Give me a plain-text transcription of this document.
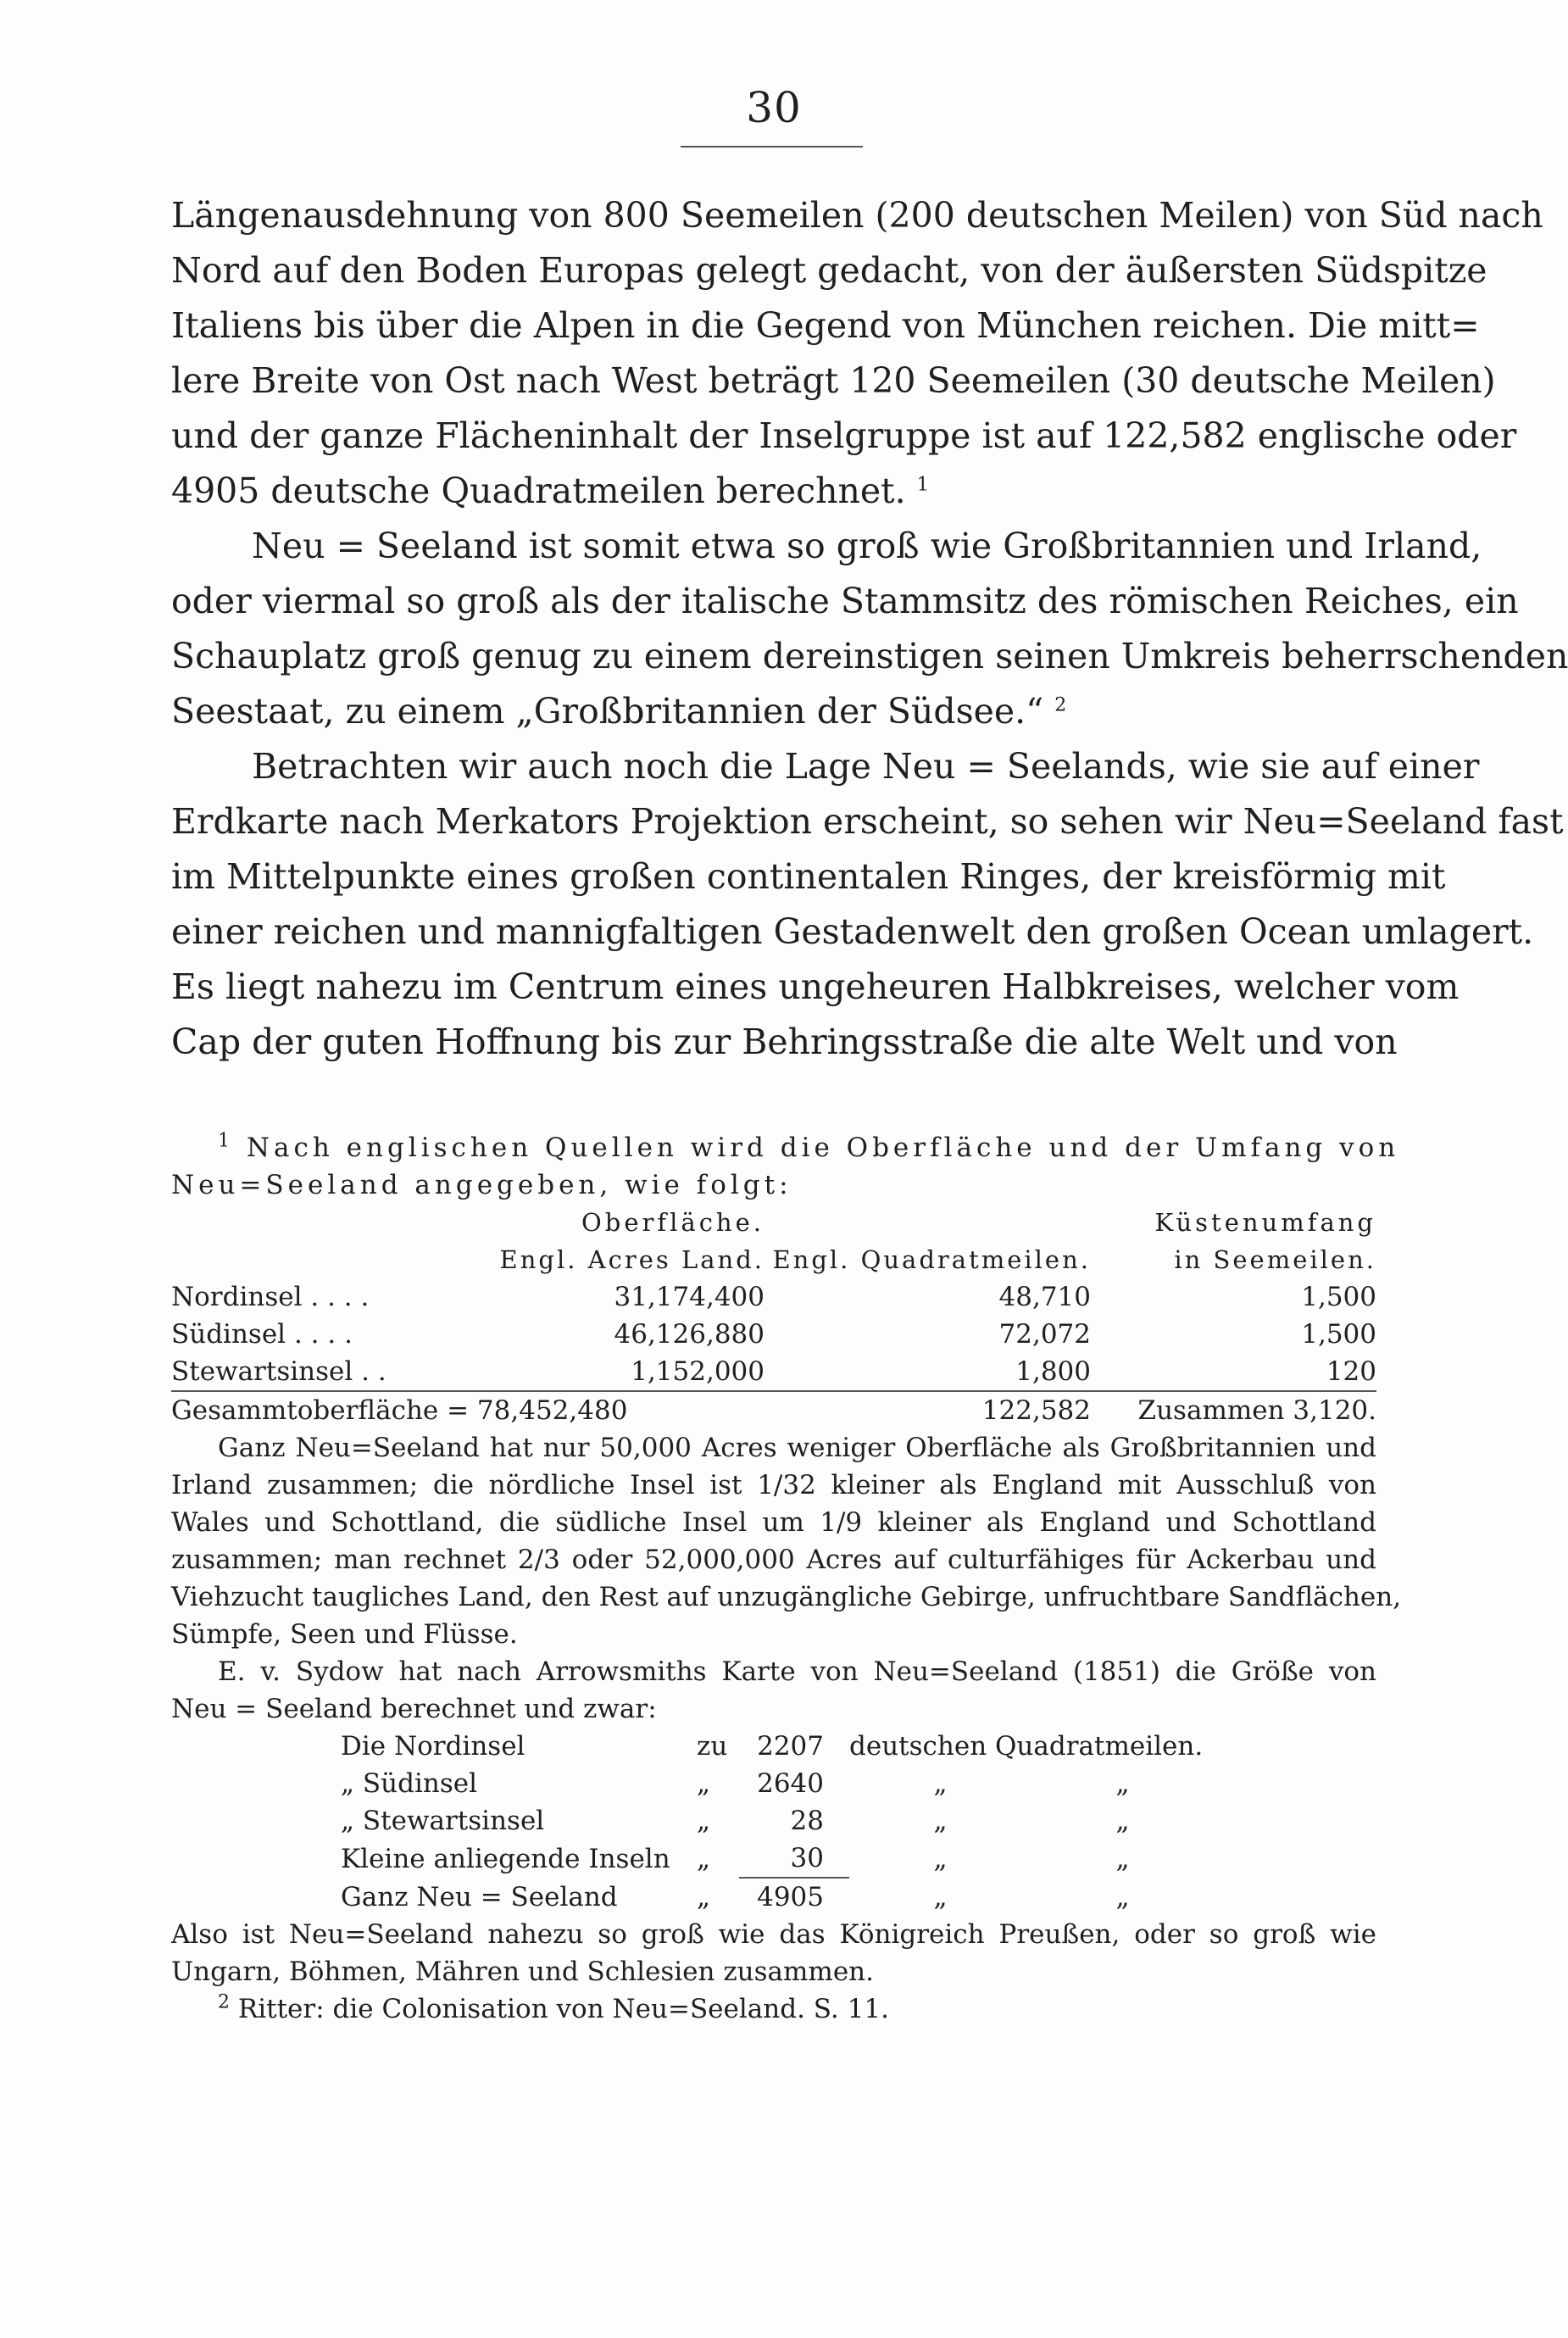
30
Längenausdehnung von 800 Seemeilen (200 deutschen Meilen) von Süd nach
Nord auf den Boden Europas gelegt gedacht, von der äußersten Südspitze
Italiens bis über die Alpen in die Gegend von München reichen. Die mitt=
lere Breite von Ost nach West beträgt 120 Seemeilen (30 deutsche Meilen)
und der ganze Flächeninhalt der Inselgruppe ist auf 122,582 englische oder
4905 deutsche Quadratmeilen berechnet. $^1$
Neu = Seeland ist somit etwa so groß wie Großbritannien und Irland,
oder viermal so groß als der italische Stammsitz des römischen Reiches, ein
Schauplatz groß genug zu einem dereinstigen seinen Umkreis beherrschenden
Seestaat, zu einem „Großbritannien der Südsee.“ $^2$
Betrachten wir auch noch die Lage Neu = Seelands, wie sie auf einer
Erdkarte nach Merkators Projektion erscheint, so sehen wir Neu=Seeland fast
im Mittelpunkte eines großen continentalen Ringes, der kreisförmig mit
einer reichen und mannigfaltigen Gestadenwelt den großen Ocean umlagert.
Es liegt nahezu im Centrum eines ungeheuren Halbkreises, welcher vom
Cap der guten Hoffnung bis zur Behringsstraße die alte Welt und von
$^1$ Nach englischen Quellen wird die Oberfläche und der Umfang von
Neu=Seeland angegeben, wie folgt:
	Oberfläche.		Küstenumfang
	Engl. Acres Land.	Engl. Quadratmeilen.	in Seemeilen.
Nordinsel . . . .	31,174,400	48,710	1,500
Südinsel . . . .	46,126,880	72,072	1,500
Stewartsinsel . .	1,152,000	1,800	120
Gesammtoberfläche = 78,452,480		122,582	Zusammen 3,120.
Ganz Neu=Seeland hat nur 50,000 Acres weniger Oberfläche als Großbritannien und
Irland zusammen; die nördliche Insel ist 1/32 kleiner als England mit Ausschluß von
Wales und Schottland, die südliche Insel um 1/9 kleiner als England und Schottland
zusammen; man rechnet 2/3 oder 52,000,000 Acres auf culturfähiges für Ackerbau und
Viehzucht taugliches Land, den Rest auf unzugängliche Gebirge, unfruchtbare Sandflächen,
Sümpfe, Seen und Flüsse.
E. v. Sydow hat nach Arrowsmiths Karte von Neu=Seeland (1851) die Größe von
Neu = Seeland berechnet und zwar:
Die Nordinsel	zu	2207	deutschen Quadratmeilen.	
„ Südinsel	„	2640	„	„
„ Stewartsinsel	„	28	„	„
Kleine anliegende Inseln	„	30	„	„
Ganz Neu = Seeland	„	4905	„	„
Also ist Neu=Seeland nahezu so groß wie das Königreich Preußen, oder so groß wie
Ungarn, Böhmen, Mähren und Schlesien zusammen.
$^2$ Ritter: die Colonisation von Neu=Seeland. S. 11.
